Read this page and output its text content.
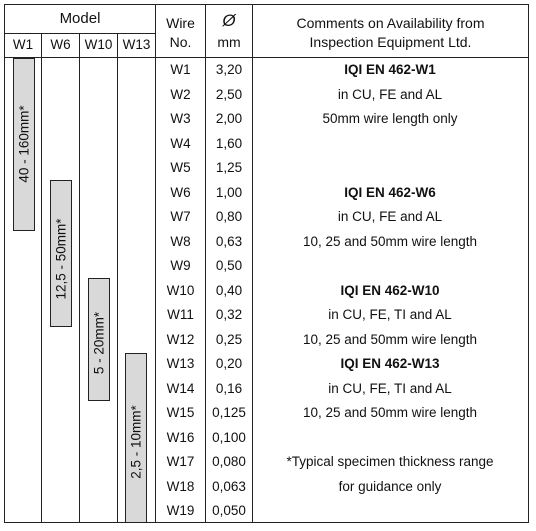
Model
W1	W6	W10 W13
Wire
No.
Ø
mm
Comments on Availability from
Inspection Equipment Ltd.
40 - 160mm*
12,5 - 50mm*
5 - 20mm*
2,5 - 10mm*
W1	3,20	IQI EN 462-W1
W2	2,50	in CU, FE and AL
W3	2,00	50mm wire length only
W4	1,60
W5	1,25
W6	1,00	IQI EN 462-W6
W7	0,80	in CU, FE and AL
W8	0,63	10, 25 and 50mm wire length
W9	0,50
W10	0,40	IQI EN 462-W10
W11	0,32	in CU, FE, TI and AL
W12	0,25	10, 25 and 50mm wire length
W13	0,20	IQI EN 462-W13
W14	0,16	in CU, FE, TI and AL
W15	0,125	10, 25 and 50mm wire length
W16	0,100
W17	0,080	*Typical specimen thickness range
W18	0,063	for guidance only
W19	0,050
